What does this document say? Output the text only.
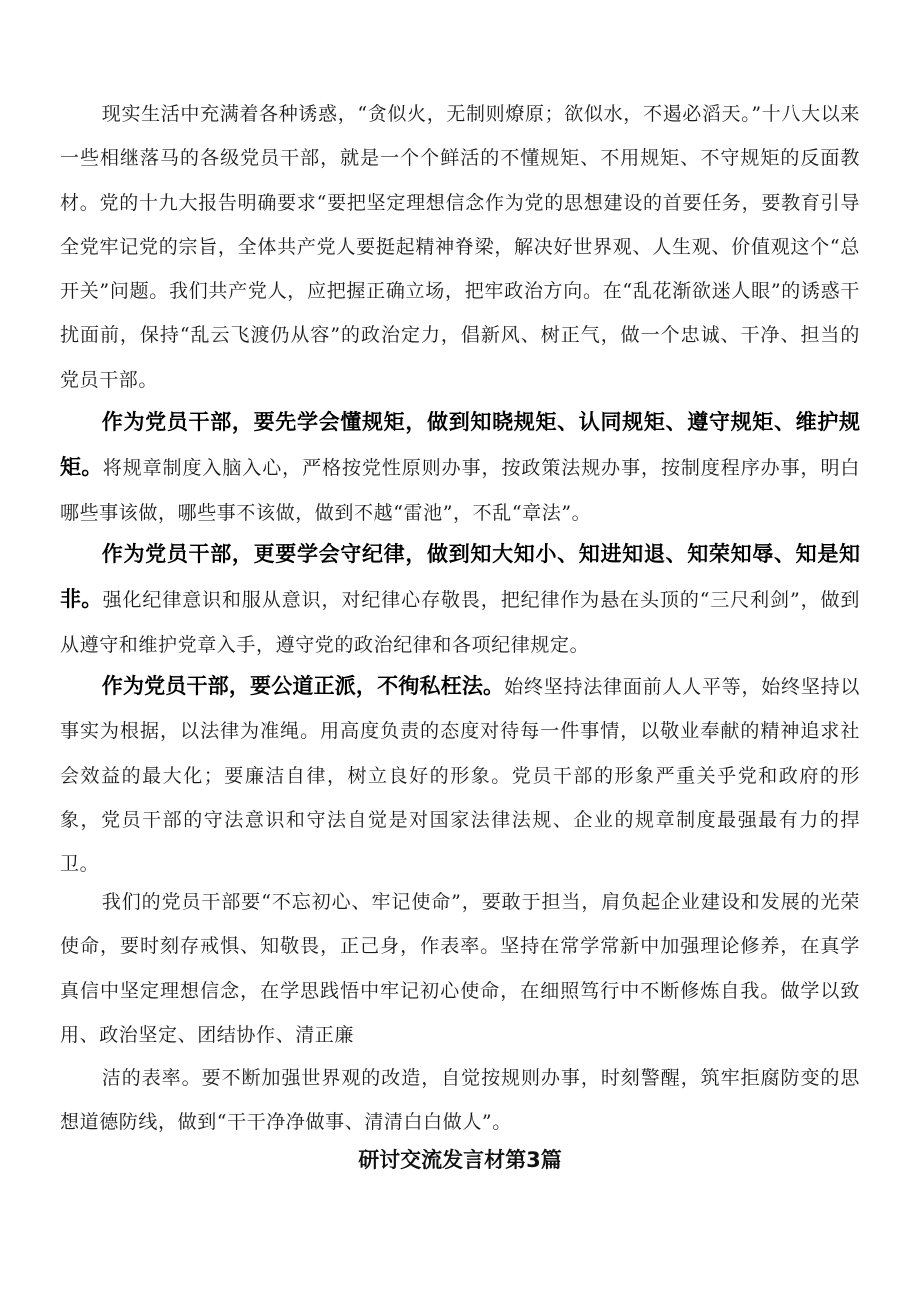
现实生活中充满着各种诱惑，“贪似火，无制则燎原；欲似水，不遏必滔天。”十八大以来一些相继落马的各级党员干部，就是一个个鲜活的不懂规矩、不用规矩、不守规矩的反面教材。党的十九大报告明确要求“要把坚定理想信念作为党的思想建设的首要任务，要教育引导全党牢记党的宗旨，全体共产党人要挺起精神脊梁，解决好世界观、人生观、价值观这个“总开关”问题。我们共产党人，应把握正确立场，把牢政治方向。在“乱花渐欲迷人眼”的诱惑干扰面前，保持“乱云飞渡仍从容”的政治定力，倡新风、树正气，做一个忠诚、干净、担当的党员干部。

作为党员干部，要先学会懂规矩，做到知晓规矩、认同规矩、遵守规矩、维护规矩。将规章制度入脑入心，严格按党性原则办事，按政策法规办事，按制度程序办事，明白哪些事该做，哪些事不该做，做到不越“雷池”，不乱“章法”。

作为党员干部，更要学会守纪律，做到知大知小、知进知退、知荣知辱、知是知非。强化纪律意识和服从意识，对纪律心存敬畏，把纪律作为悬在头顶的“三尺利剑”，做到从遵守和维护党章入手，遵守党的政治纪律和各项纪律规定。

作为党员干部，要公道正派，不徇私枉法。始终坚持法律面前人人平等，始终坚持以事实为根据，以法律为准绳。用高度负责的态度对待每一件事情，以敬业奉献的精神追求社会效益的最大化；要廉洁自律，树立良好的形象。党员干部的形象严重关乎党和政府的形象，党员干部的守法意识和守法自觉是对国家法律法规、企业的规章制度最强最有力的捍卫。

我们的党员干部要“不忘初心、牢记使命”，要敢于担当，肩负起企业建设和发展的光荣使命，要时刻存戒惧、知敬畏，正己身，作表率。坚持在常学常新中加强理论修养，在真学真信中坚定理想信念，在学思践悟中牢记初心使命，在细照笃行中不断修炼自我。做学以致用、政治坚定、团结协作、清正廉

洁的表率。要不断加强世界观的改造，自觉按规则办事，时刻警醒，筑牢拒腐防变的思想道德防线，做到“干干净净做事、清清白白做人”。

研讨交流发言材第3篇
